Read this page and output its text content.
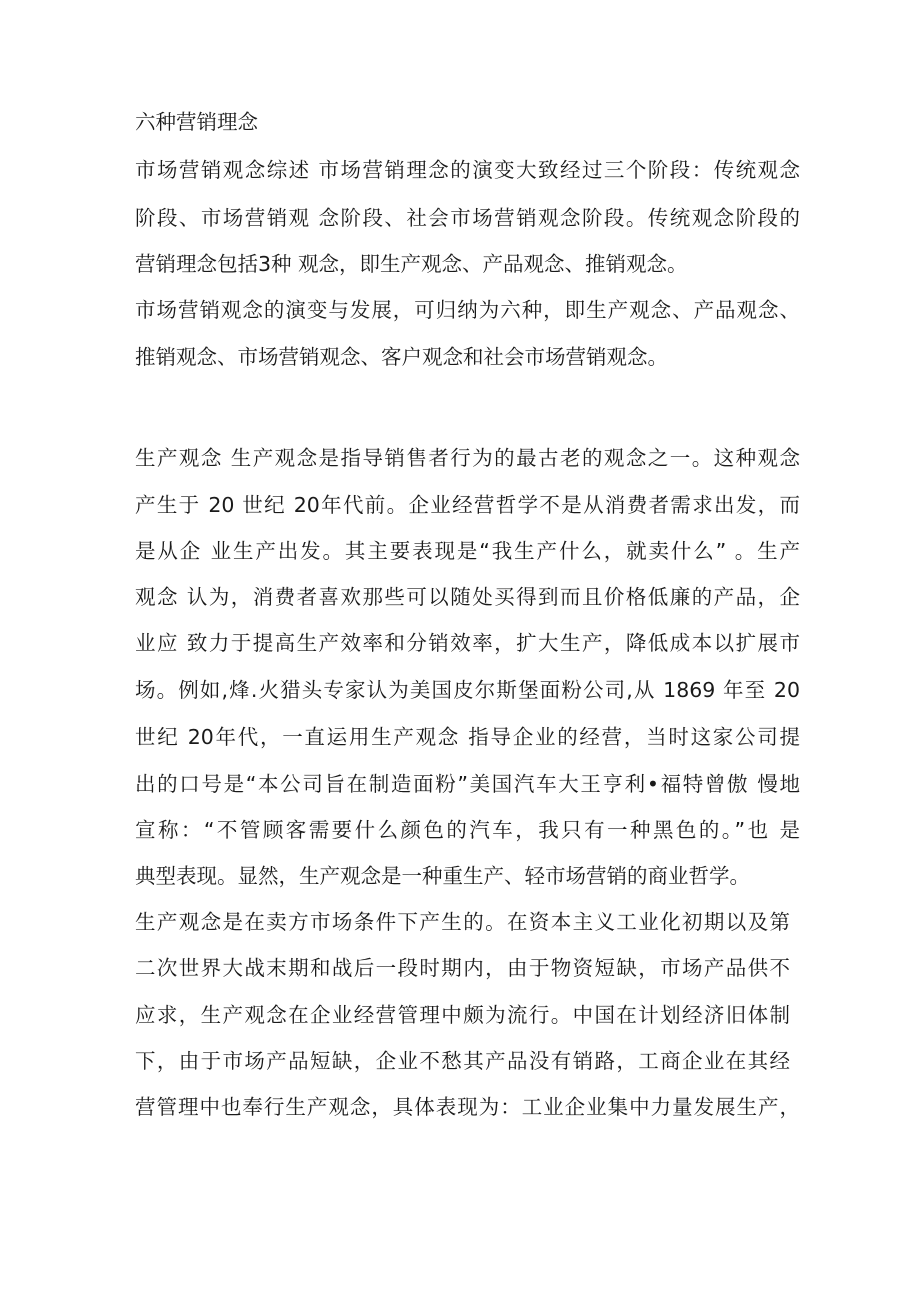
六种营销理念
市场营销观念综述 市场营销理念的演变大致经过三个阶段：传统观念
阶段、市场营销观 念阶段、社会市场营销观念阶段。传统观念阶段的
营销理念包括3种 观念，即生产观念、产品观念、推销观念。
市场营销观念的演变与发展，可归纳为六种，即生产观念、产品观念、
推销观念、市场营销观念、客户观念和社会市场营销观念。
生产观念 生产观念是指导销售者行为的最古老的观念之一。这种观念
产生于 20 世纪 20年代前。企业经营哲学不是从消费者需求出发，而
是从企 业生产出发。其主要表现是“我生产什么，就卖什么” 。生产
观念 认为，消费者喜欢那些可以随处买得到而且价格低廉的产品，企
业应 致力于提高生产效率和分销效率，扩大生产，降低成本以扩展市
场。例如,烽.火猎头专家认为美国皮尔斯堡面粉公司,从 1869 年至 20
世纪 20年代，一直运用生产观念 指导企业的经营，当时这家公司提
出的口号是“本公司旨在制造面粉”美国汽车大王亨利•福特曾傲 慢地
宣称：“不管顾客需要什么颜色的汽车，我只有一种黑色的。”也 是
典型表现。显然，生产观念是一种重生产、轻市场营销的商业哲学。
生产观念是在卖方市场条件下产生的。在资本主义工业化初期以及第
二次世界大战末期和战后一段时期内，由于物资短缺，市场产品供不
应求，生产观念在企业经营管理中颇为流行。中国在计划经济旧体制
下，由于市场产品短缺，企业不愁其产品没有销路，工商企业在其经
营管理中也奉行生产观念，具体表现为：工业企业集中力量发展生产，
